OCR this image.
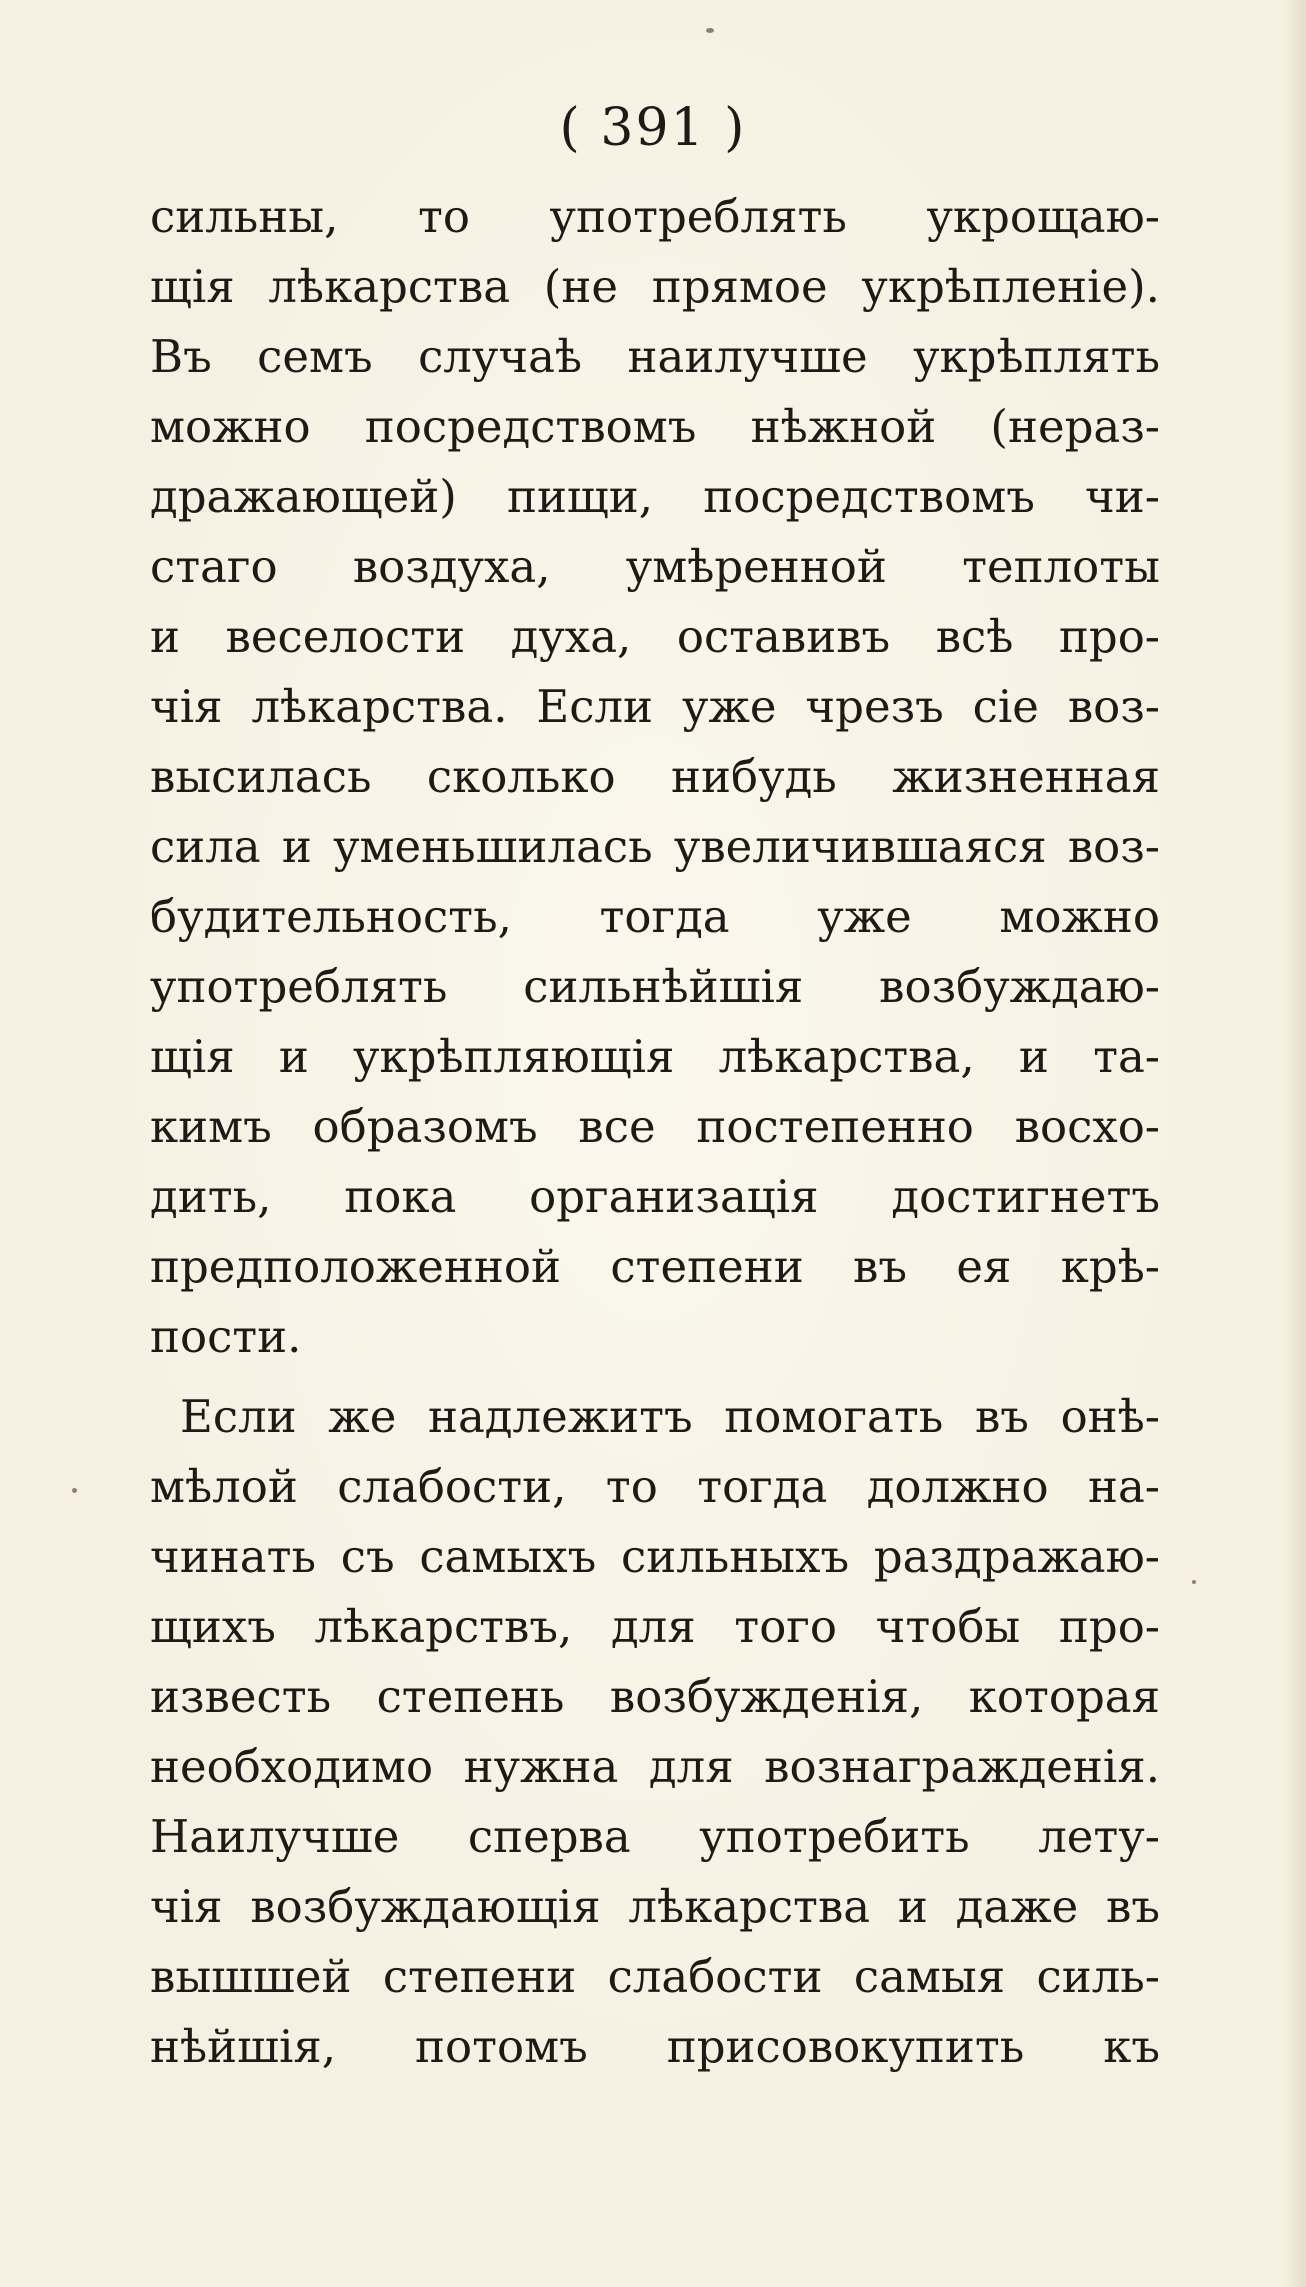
( 391 )
сильны, то употреблять укрощаю-
щія лѣкарства (не прямое укрѣпленіе).
Въ семъ случаѣ наилучше укрѣплять
можно посредствомъ нѣжной (нераз-
дражающей) пищи, посредствомъ чи-
стаго воздуха, умѣренной теплоты
и веселости духа, оставивъ всѣ про-
чія лѣкарства. Если уже чрезъ сіе воз-
высилась сколько нибудь жизненная
сила и уменьшилась увеличившаяся воз-
будительность, тогда уже можно
употреблять сильнѣйшія возбуждаю-
щія и укрѣпляющія лѣкарства, и та-
кимъ образомъ все постепенно восхо-
дить, пока организація достигнетъ
предположенной степени въ ея крѣ-
пости.
Если же надлежитъ помогать въ онѣ-
мѣлой слабости, то тогда должно на-
чинать съ самыхъ сильныхъ раздражаю-
щихъ лѣкарствъ, для того чтобы про-
известь степень возбужденія, которая
необходимо нужна для вознагражденія.
Наилучше сперва употребить лету-
чія возбуждающія лѣкарства и даже въ
вышшей степени слабости самыя силь-
нѣйшія, потомъ присовокупить къ
